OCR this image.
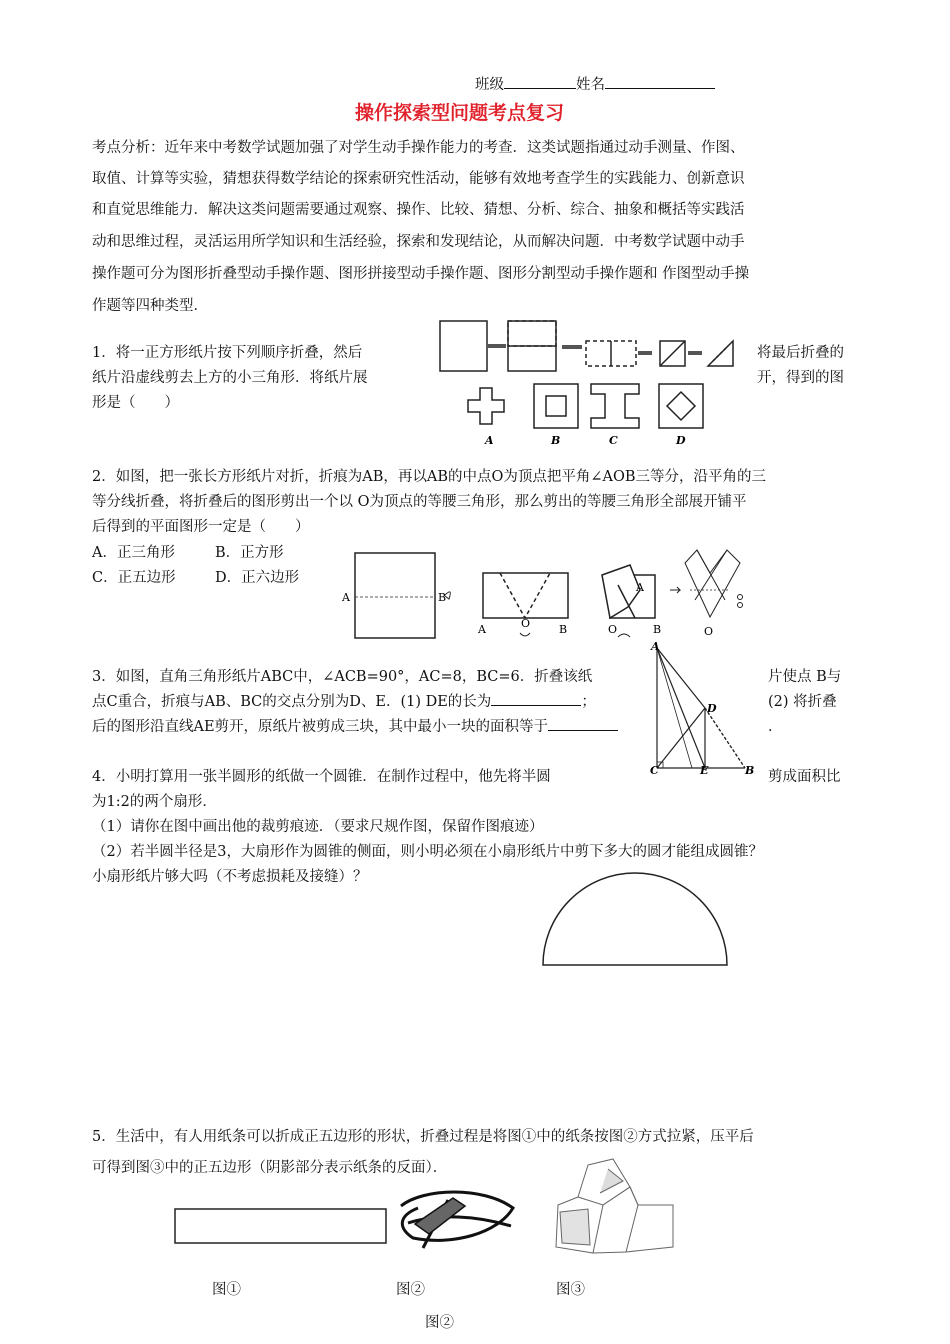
班级	姓名
操作探索型问题考点复习
考点分析：近年来中考数学试题加强了对学生动手操作能力的考查．这类试题指通过动手测量、作图、
取值、计算等实验，猜想获得数学结论的探索研究性活动，能够有效地考查学生的实践能力、创新意识
和直觉思维能力．解决这类问题需要通过观察、操作、比较、猜想、分析、综合、抽象和概括等实践活
动和思维过程，灵活运用所学知识和生活经验，探索和发现结论，从而解决问题．中考数学试题中动手
操作题可分为图形折叠型动手操作题、图形拼接型动手操作题、图形分割型动手操作题和 作图型动手操
作题等四种类型．
1．将一正方形纸片按下列顺序折叠，然后
纸片沿虚线剪去上方的小三角形．将纸片展
形是（　　）
将最后折叠的
开，得到的图
A	B	C	D
2．如图，把一张长方形纸片对折，折痕为AB，再以AB的中点O为顶点把平角∠AOB三等分，沿平角的三
等分线折叠，将折叠后的图形剪出一个以 O为顶点的等腰三角形，那么剪出的等腰三角形全部展开铺平
后得到的平面图形一定是（　　）
A．正三角形	B．正方形
C．正五边形	D．正六边形
A	B
A	O	B
A
O	B	O
3．如图，直角三角形纸片ABC中，∠ACB=90°，AC=8，BC=6．折叠该纸
点C重合，折痕与AB、BC的交点分别为D、E．(1) DE的长为	；
后的图形沿直线AE剪开，原纸片被剪成三块，其中最小一块的面积等于
片使点 B与
(2) 将折叠
．
A
D
C	E	B
4．小明打算用一张半圆形的纸做一个圆锥．在制作过程中，他先将半圆	剪成面积比
为1:2的两个扇形．
（1）请你在图中画出他的裁剪痕迹．（要求尺规作图，保留作图痕迹）
（2）若半圆半径是3，大扇形作为圆锥的侧面，则小明必须在小扇形纸片中剪下多大的圆才能组成圆锥？
小扇形纸片够大吗（不考虑损耗及接缝）？
5．生活中，有人用纸条可以折成正五边形的形状，折叠过程是将图①中的纸条按图②方式拉紧，压平后
可得到图③中的正五边形（阴影部分表示纸条的反面）．
图①	图②	图③
图②
